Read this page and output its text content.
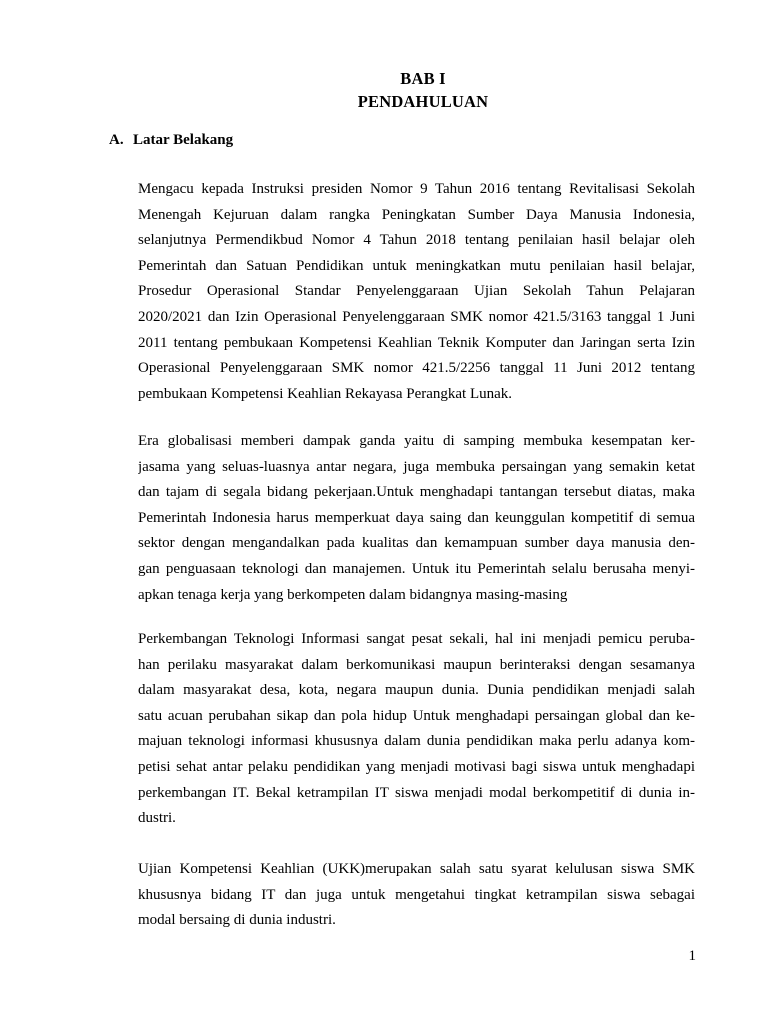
BAB I
PENDAHULUAN
A. Latar Belakang
Mengacu kepada Instruksi presiden Nomor 9 Tahun 2016 tentang Revitalisasi Sekolah
Menengah Kejuruan dalam rangka Peningkatan Sumber Daya Manusia Indonesia,
selanjutnya Permendikbud Nomor 4 Tahun 2018 tentang penilaian hasil belajar oleh
Pemerintah dan Satuan Pendidikan untuk meningkatkan mutu penilaian hasil belajar,
Prosedur Operasional Standar Penyelenggaraan Ujian Sekolah Tahun Pelajaran
2020/2021 dan Izin Operasional Penyelenggaraan SMK nomor 421.5/3163 tanggal 1 Juni
2011 tentang pembukaan Kompetensi Keahlian Teknik Komputer dan Jaringan serta Izin
Operasional Penyelenggaraan SMK nomor 421.5/2256 tanggal 11 Juni 2012 tentang
pembukaan Kompetensi Keahlian Rekayasa Perangkat Lunak.
Era globalisasi memberi dampak ganda yaitu di samping membuka kesempatan ker-
jasama yang seluas-luasnya antar negara, juga membuka persaingan yang semakin ketat
dan tajam di segala bidang pekerjaan.Untuk menghadapi tantangan tersebut diatas, maka
Pemerintah Indonesia harus memperkuat daya saing dan keunggulan kompetitif di semua
sektor dengan mengandalkan pada kualitas dan kemampuan sumber daya manusia den-
gan penguasaan teknologi dan manajemen. Untuk itu Pemerintah selalu berusaha menyi-
apkan tenaga kerja yang berkompeten dalam bidangnya masing-masing
Perkembangan Teknologi Informasi sangat pesat sekali, hal ini menjadi pemicu peruba-
han perilaku masyarakat dalam berkomunikasi maupun berinteraksi dengan sesamanya
dalam masyarakat desa, kota, negara maupun dunia. Dunia pendidikan menjadi salah
satu acuan perubahan sikap dan pola hidup Untuk menghadapi persaingan global dan ke-
majuan teknologi informasi khususnya dalam dunia pendidikan maka perlu adanya kom-
petisi sehat antar pelaku pendidikan yang menjadi motivasi bagi siswa untuk menghadapi
perkembangan IT. Bekal ketrampilan IT siswa menjadi modal berkompetitif di dunia in-
dustri.
Ujian Kompetensi Keahlian (UKK)merupakan salah satu syarat kelulusan siswa SMK
khususnya bidang IT dan juga untuk mengetahui tingkat ketrampilan siswa sebagai
modal bersaing di dunia industri.
1
